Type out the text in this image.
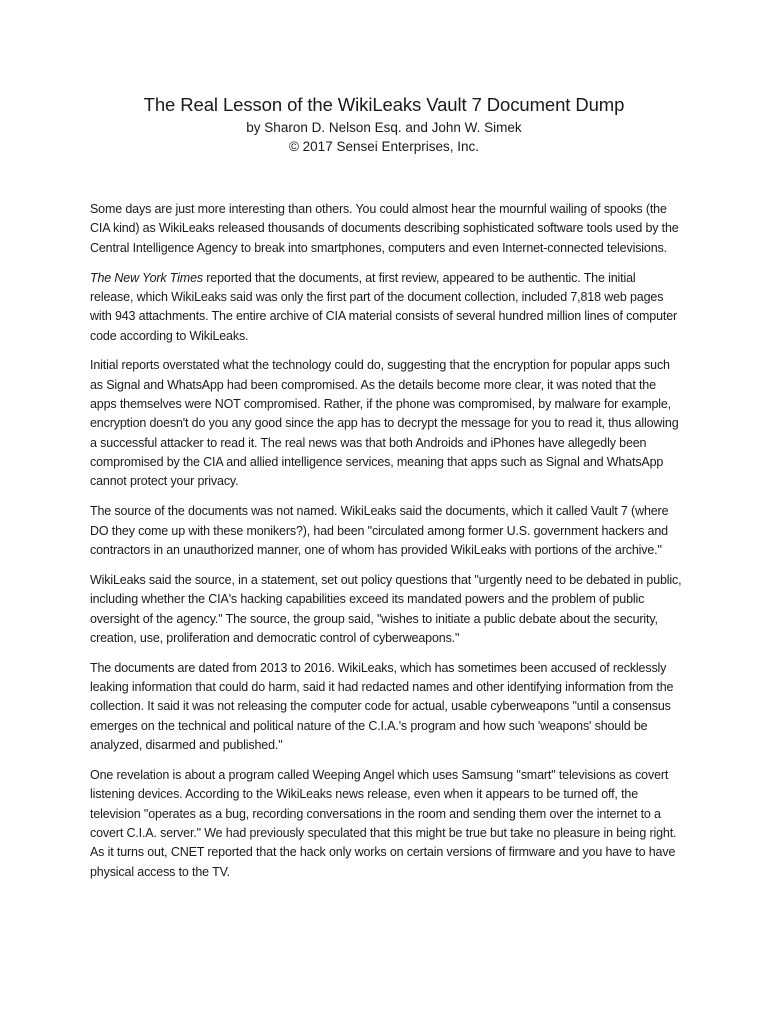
The Real Lesson of the WikiLeaks Vault 7 Document Dump

by Sharon D. Nelson Esq. and John W. Simek

© 2017 Sensei Enterprises, Inc.

Some days are just more interesting than others. You could almost hear the mournful wailing of spooks (the CIA kind) as WikiLeaks released thousands of documents describing sophisticated software tools used by the Central Intelligence Agency to break into smartphones, computers and even Internet-connected televisions.

The New York Times reported that the documents, at first review, appeared to be authentic. The initial release, which WikiLeaks said was only the first part of the document collection, included 7,818 web pages with 943 attachments. The entire archive of CIA material consists of several hundred million lines of computer code according to WikiLeaks.

Initial reports overstated what the technology could do, suggesting that the encryption for popular apps such as Signal and WhatsApp had been compromised. As the details become more clear, it was noted that the apps themselves were NOT compromised. Rather, if the phone was compromised, by malware for example, encryption doesn't do you any good since the app has to decrypt the message for you to read it, thus allowing a successful attacker to read it. The real news was that both Androids and iPhones have allegedly been compromised by the CIA and allied intelligence services, meaning that apps such as Signal and WhatsApp cannot protect your privacy.

The source of the documents was not named. WikiLeaks said the documents, which it called Vault 7 (where DO they come up with these monikers?), had been "circulated among former U.S. government hackers and contractors in an unauthorized manner, one of whom has provided WikiLeaks with portions of the archive."

WikiLeaks said the source, in a statement, set out policy questions that "urgently need to be debated in public, including whether the CIA's hacking capabilities exceed its mandated powers and the problem of public oversight of the agency." The source, the group said, "wishes to initiate a public debate about the security, creation, use, proliferation and democratic control of cyberweapons."

The documents are dated from 2013 to 2016. WikiLeaks, which has sometimes been accused of recklessly leaking information that could do harm, said it had redacted names and other identifying information from the collection. It said it was not releasing the computer code for actual, usable cyberweapons "until a consensus emerges on the technical and political nature of the C.I.A.'s program and how such 'weapons' should be analyzed, disarmed and published."

One revelation is about a program called Weeping Angel which uses Samsung "smart" televisions as covert listening devices. According to the WikiLeaks news release, even when it appears to be turned off, the television "operates as a bug, recording conversations in the room and sending them over the internet to a covert C.I.A. server." We had previously speculated that this might be true but take no pleasure in being right. As it turns out, CNET reported that the hack only works on certain versions of firmware and you have to have physical access to the TV.
